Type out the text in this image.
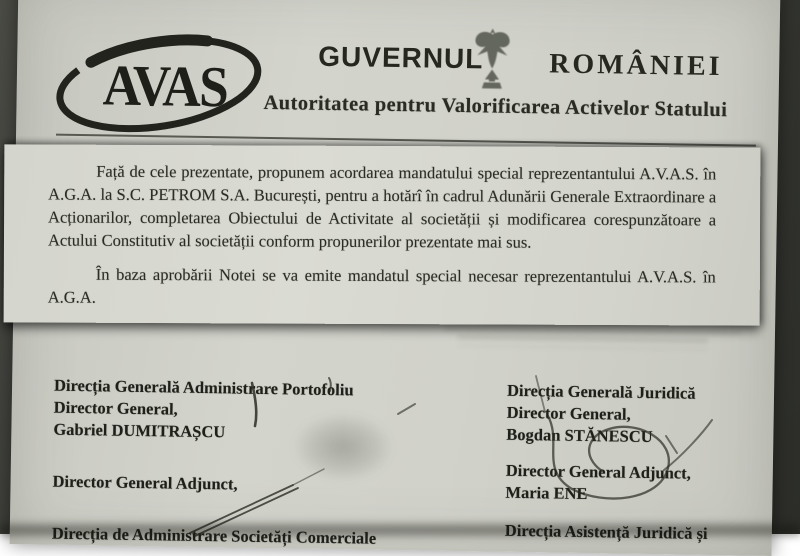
AVAS	GUVERNUL ROMÂNIEI
Autoritatea pentru Valorificarea Activelor Statului
Direcția Generală Administrare Portofoliu
Director General,
Gabriel DUMITRAȘCU
Director General Adjunct,
Direcția de Administrare Societăți Comerciale
Direcția Generală Juridică
Director General,
Bogdan STĂNESCU
Director General Adjunct,
Maria ENE
Direcția Asistență Juridică și

Față de cele prezentate, propunem acordarea mandatului special reprezentantului A.V.A.S. în A.G.A. la S.C. PETROM S.A. București, pentru a hotărî în cadrul Adunării Generale Extraordinare a Acționarilor, completarea Obiectului de Activitate al societății și modificarea corespunzătoare a Actului Constitutiv al societății conform propunerilor prezentate mai sus.

În baza aprobării Notei se va emite mandatul special necesar reprezentantului A.V.A.S. în A.G.A.
